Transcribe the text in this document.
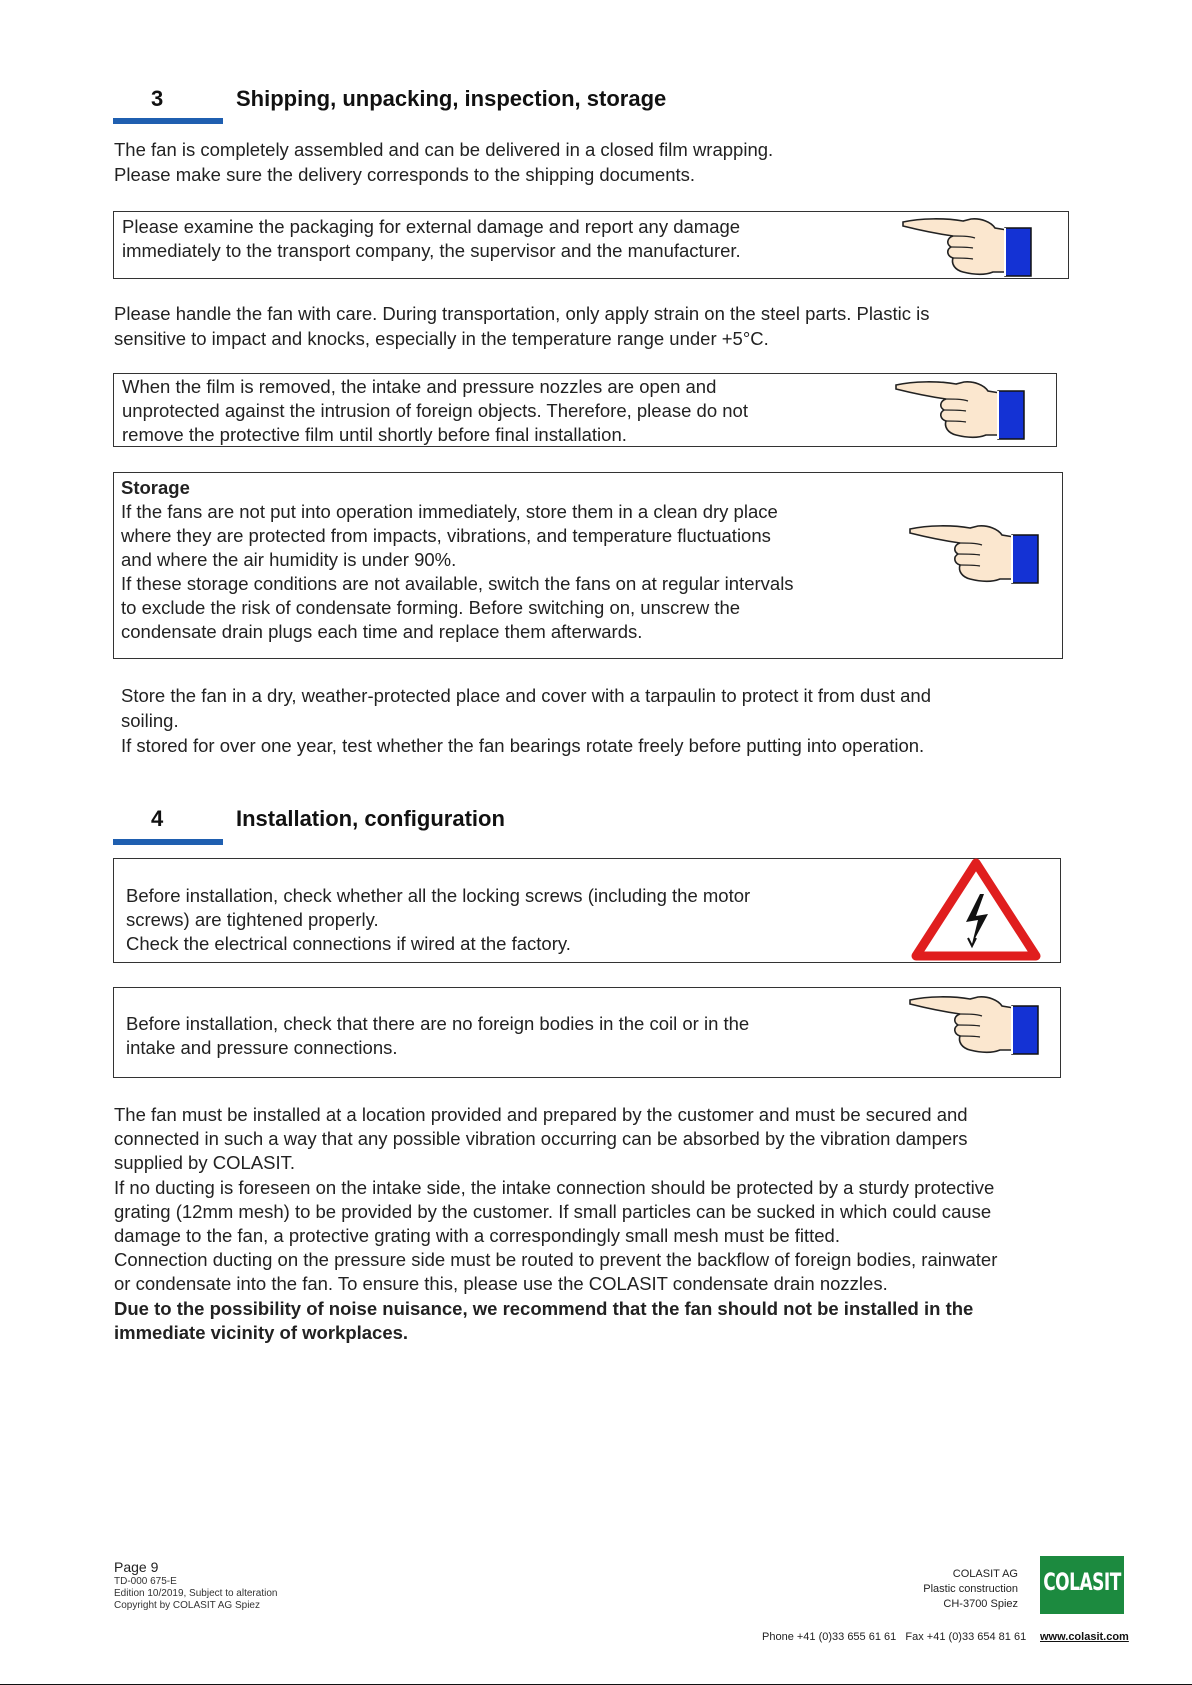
3	Shipping, unpacking, inspection, storage
The fan is completely assembled and can be delivered in a closed film wrapping.
Please make sure the delivery corresponds to the shipping documents.
Please examine the packaging for external damage and report any damage
immediately to the transport company, the supervisor and the manufacturer.
Please handle the fan with care. During transportation, only apply strain on the steel parts. Plastic is
sensitive to impact and knocks, especially in the temperature range under +5°C.
When the film is removed, the intake and pressure nozzles are open and
unprotected against the intrusion of foreign objects. Therefore, please do not
remove the protective film until shortly before final installation.
Storage
If the fans are not put into operation immediately, store them in a clean dry place
where they are protected from impacts, vibrations, and temperature fluctuations
and where the air humidity is under 90%.
If these storage conditions are not available, switch the fans on at regular intervals
to exclude the risk of condensate forming. Before switching on, unscrew the
condensate drain plugs each time and replace them afterwards.
Store the fan in a dry, weather-protected place and cover with a tarpaulin to protect it from dust and
soiling.
If stored for over one year, test whether the fan bearings rotate freely before putting into operation.
4	Installation, configuration
Before installation, check whether all the locking screws (including the motor
screws) are tightened properly.
Check the electrical connections if wired at the factory.
Before installation, check that there are no foreign bodies in the coil or in the
intake and pressure connections.
The fan must be installed at a location provided and prepared by the customer and must be secured and
connected in such a way that any possible vibration occurring can be absorbed by the vibration dampers
supplied by COLASIT.
If no ducting is foreseen on the intake side, the intake connection should be protected by a sturdy protective
grating (12mm mesh) to be provided by the customer. If small particles can be sucked in which could cause
damage to the fan, a protective grating with a correspondingly small mesh must be fitted.
Connection ducting on the pressure side must be routed to prevent the backflow of foreign bodies, rainwater
or condensate into the fan. To ensure this, please use the COLASIT condensate drain nozzles.
Due to the possibility of noise nuisance, we recommend that the fan should not be installed in the
immediate vicinity of workplaces.
Page 9
TD-000 675-E
Edition 10/2019, Subject to alteration
Copyright by COLASIT AG Spiez
COLASIT AG
Plastic construction
CH-3700 Spiez
COLASIT
Phone +41 (0)33 655 61 61   Fax +41 (0)33 654 81 61 www.colasit.com
